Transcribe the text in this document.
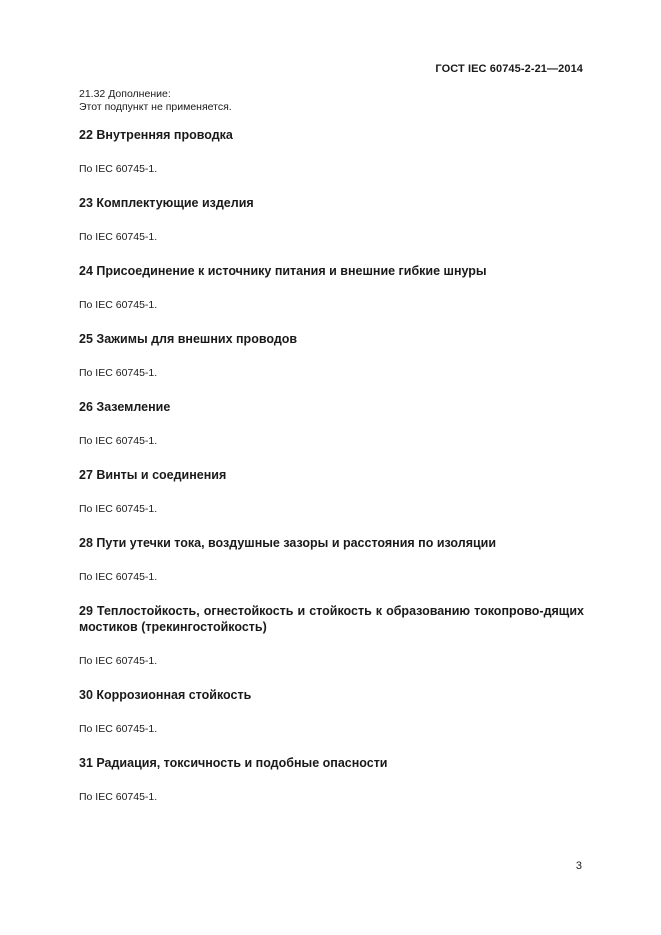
ГОСТ IEC 60745-2-21—2014
21.32 Дополнение:
Этот подпункт не применяется.
22 Внутренняя проводка
По IEC 60745-1.
23 Комплектующие изделия
По IEC 60745-1.
24 Присоединение к источнику питания и внешние гибкие шнуры
По IEC 60745-1.
25 Зажимы для внешних проводов
По IEC 60745-1.
26 Заземление
По IEC 60745-1.
27 Винты и соединения
По IEC 60745-1.
28 Пути утечки тока, воздушные зазоры и расстояния по изоляции
По IEC 60745-1.
29 Теплостойкость, огнестойкость и стойкость к образованию токопрово-дящих мостиков (трекингостойкость)
По IEC 60745-1.
30 Коррозионная стойкость
По IEC 60745-1.
31 Радиация, токсичность и подобные опасности
По IEC 60745-1.
3
